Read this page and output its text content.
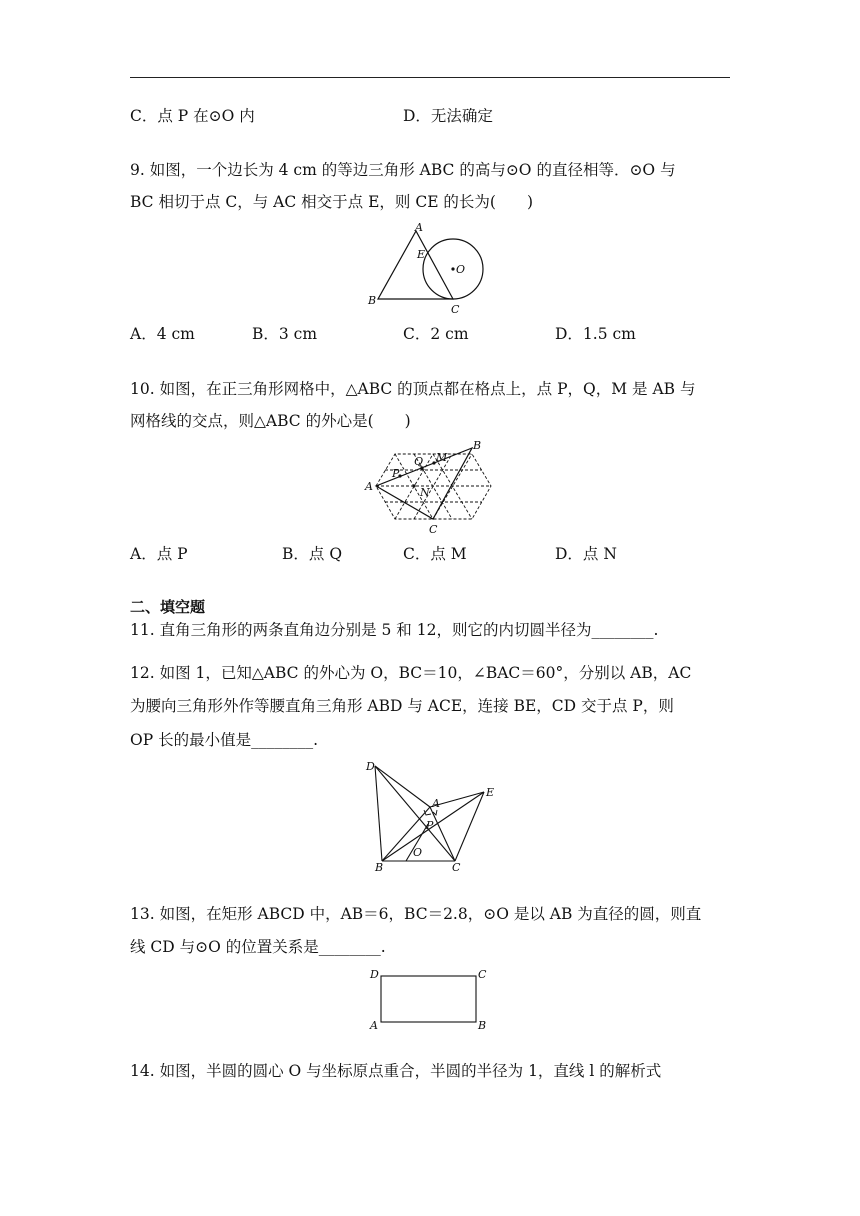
C．点 P 在⊙O 内	D．无法确定
9. 如图，一个边长为 4 cm 的等边三角形 ABC 的高与⊙O 的直径相等．⊙O 与
BC 相切于点 C，与 AC 相交于点 E，则 CE 的长为(　　)
A
E
O
B
C
A．4 cm	B．3 cm	C．2 cm	D．1.5 cm
10. 如图，在正三角形网格中，△ABC 的顶点都在格点上，点 P，Q，M 是 AB 与
网格线的交点，则△ABC 的外心是(　　)
A
B
C
P
Q M
N
A．点 P	B．点 Q	C．点 M	D．点 N
二、填空题
11. 直角三角形的两条直角边分别是 5 和 12，则它的内切圆半径为________.
12. 如图 1，已知△ABC 的外心为 O，BC＝10，∠BAC＝60°，分别以 AB，AC
为腰向三角形外作等腰直角三角形 ABD 与 ACE，连接 BE，CD 交于点 P，则
OP 长的最小值是________.
D
E
A
P
O
B	C
13. 如图，在矩形 ABCD 中，AB＝6，BC＝2.8，⊙O 是以 AB 为直径的圆，则直
线 CD 与⊙O 的位置关系是________.
D	C
A	B
14. 如图，半圆的圆心 O 与坐标原点重合，半圆的半径为 1，直线 l 的解析式
